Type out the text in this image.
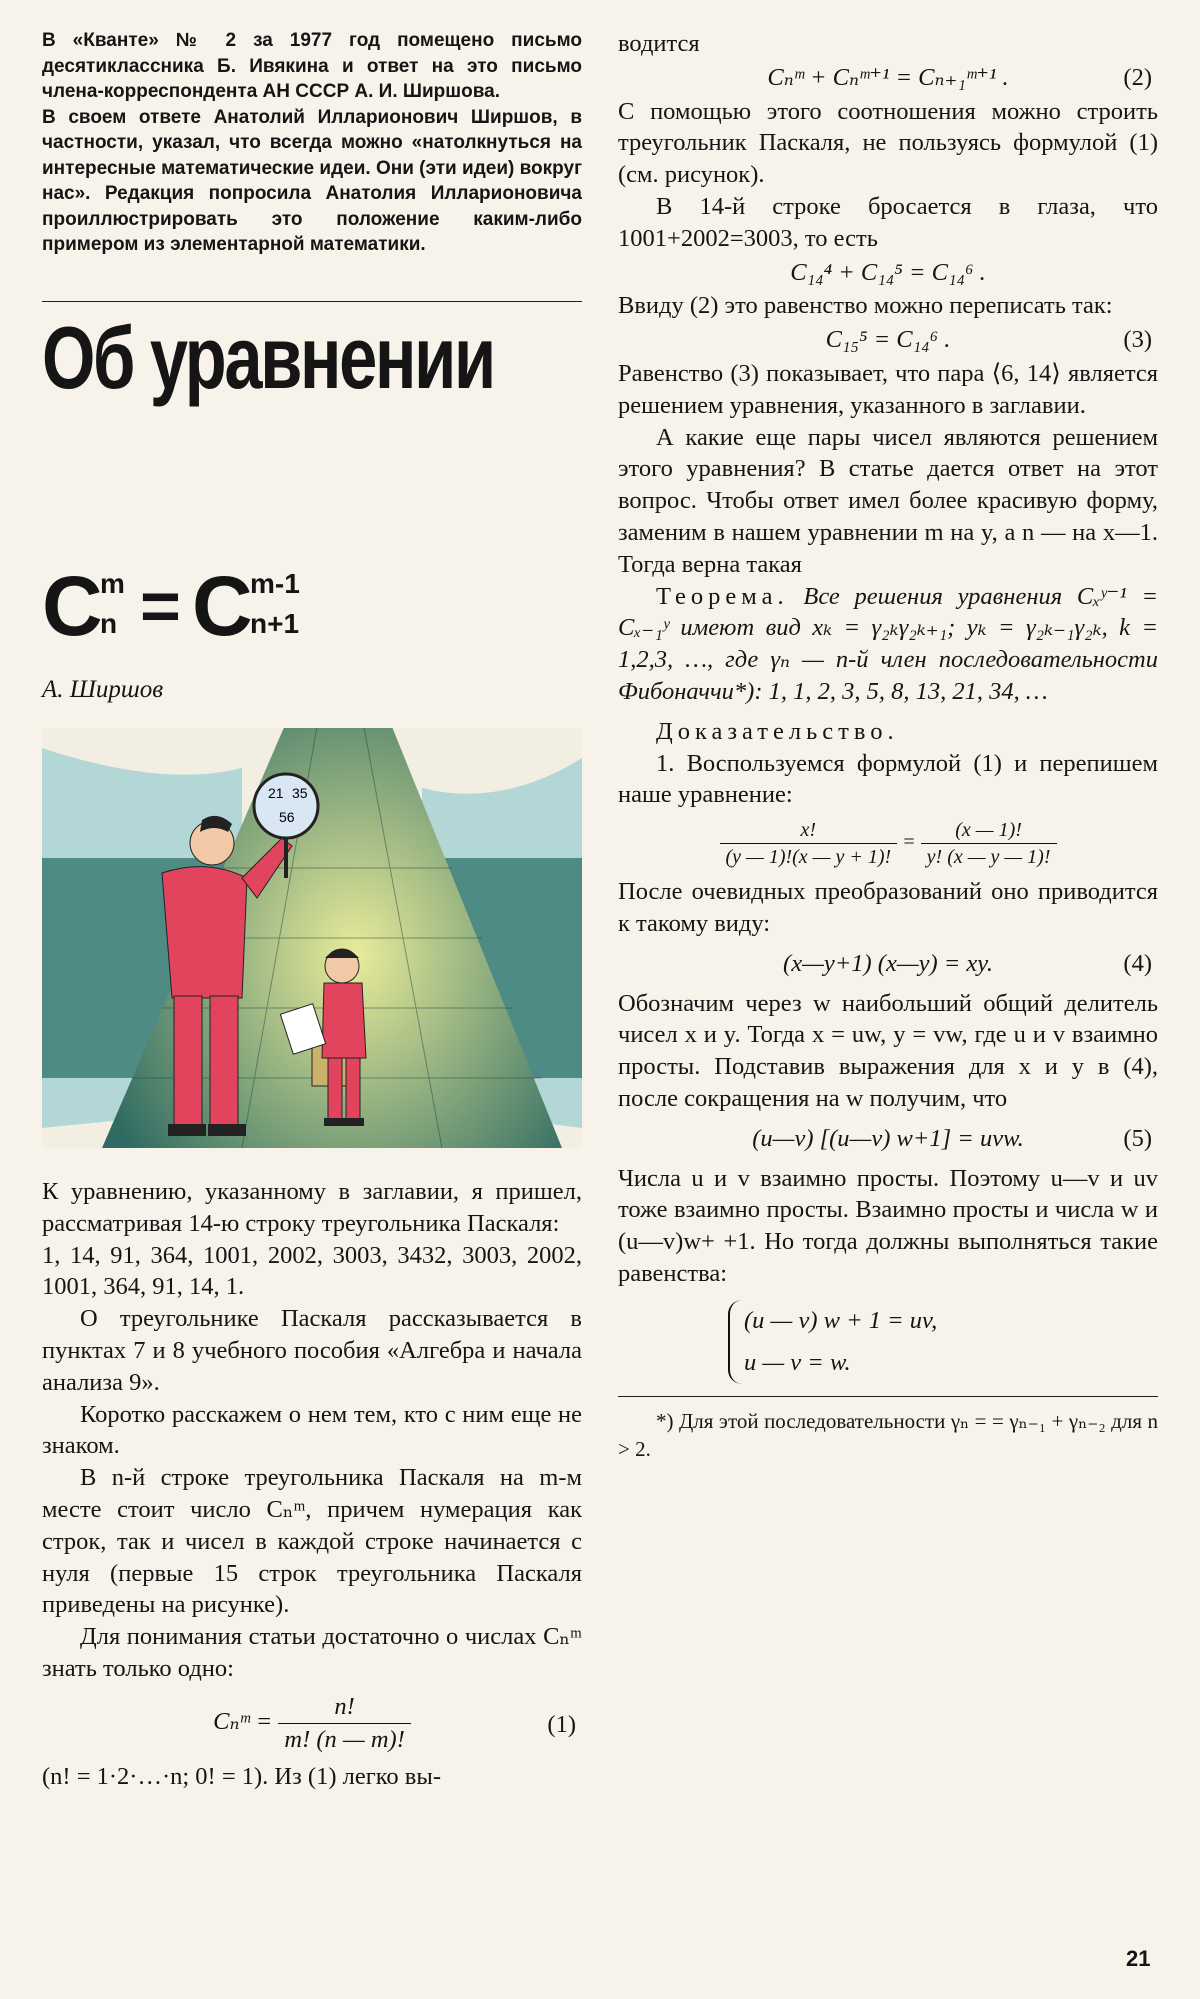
В «Кванте» № 2 за 1977 год помещено письмо десятиклассника Б. Ивякина и ответ на это письмо члена-корреспондента АН СССР А. И. Ширшова.

В своем ответе Анатолий Илларионович Ширшов, в частности, указал, что всегда можно «натолкнуться на интересные математические идеи. Они (эти идеи) вокруг нас». Редакция попросила Анатолия Илларионовича проиллюстрировать это положение каким-либо примером из элементарной математики.

Об уравнении
C
m
n = C
m-1
n+1
А. Ширшов
21 35
56

К уравнению, указанному в заглавии, я пришел, рассматривая 14-ю строку треугольника Паскаля:

1, 14, 91, 364, 1001, 2002, 3003, 3432, 3003, 2002, 1001, 364, 91, 14, 1.

О треугольнике Паскаля рассказывается в пунктах 7 и 8 учебного пособия «Алгебра и начала анализа 9».

Коротко расскажем о нем тем, кто с ним еще не знаком.

В n-й строке треугольника Паскаля на m-м месте стоит число Cₙᵐ, причем нумерация как строк, так и чисел в каждой строке начинается с нуля (первые 15 строк треугольника Паскаля приведены на рисунке).

Для понимания статьи достаточно о числах Cₙᵐ знать только одно:

Cₙᵐ = $\frac{n!}{m! (n — m)!}$	(1)

(n! = 1·2·…·n; 0! = 1). Из (1) легко вы-

водится

Cₙᵐ + Cₙᵐ⁺¹ = Cₙ₊₁ᵐ⁺¹ .	(2)

С помощью этого соотношения можно строить треугольник Паскаля, не пользуясь формулой (1) (см. рисунок).

В 14-й строке бросается в глаза, что 1001+2002=3003, то есть

C₁₄⁴ + C₁₄⁵ = C₁₄⁶ .

Ввиду (2) это равенство можно переписать так:

C₁₅⁵ = C₁₄⁶ .	(3)

Равенство (3) показывает, что пара ⟨6, 14⟩ является решением уравнения, указанного в заглавии.

А какие еще пары чисел являются решением этого уравнения? В статье дается ответ на этот вопрос. Чтобы ответ имел более красивую форму, заменим в нашем уравнении m на y, а n — на x—1. Тогда верна такая

Теорема. Все решения уравнения Cₓʸ⁻¹ = Cₓ₋₁ʸ имеют вид xₖ = γ₂ₖγ₂ₖ₊₁; yₖ = γ₂ₖ₋₁γ₂ₖ, k = 1,2,3, …, где γₙ — n-й член последовательности Фибоначчи*): 1, 1, 2, 3, 5, 8, 13, 21, 34, …

Доказательство.

1. Воспользуемся формулой (1) и перепишем наше уравнение:

$\frac{x!}{(y — 1)!(x — y + 1)!} = \frac{(x — 1)!}{y! (x — y — 1)!}$

После очевидных преобразований оно приводится к такому виду:

(x—y+1) (x—y) = xy.	(4)

Обозначим через w наибольший общий делитель чисел x и y. Тогда x = uw, y = vw, где u и v взаимно просты. Подставив выражения для x и y в (4), после сокращения на w получим, что

(u—v) [(u—v) w+1] = uvw.	(5)

Числа u и v взаимно просты. Поэтому u—v и uv тоже взаимно просты. Взаимно просты и числа w и (u—v)w+ +1. Но тогда должны выполняться такие равенства:

(u — v) w + 1 = uv,
u — v = w.

*) Для этой последовательности γₙ = = γₙ₋₁ + γₙ₋₂ для n > 2.

21
